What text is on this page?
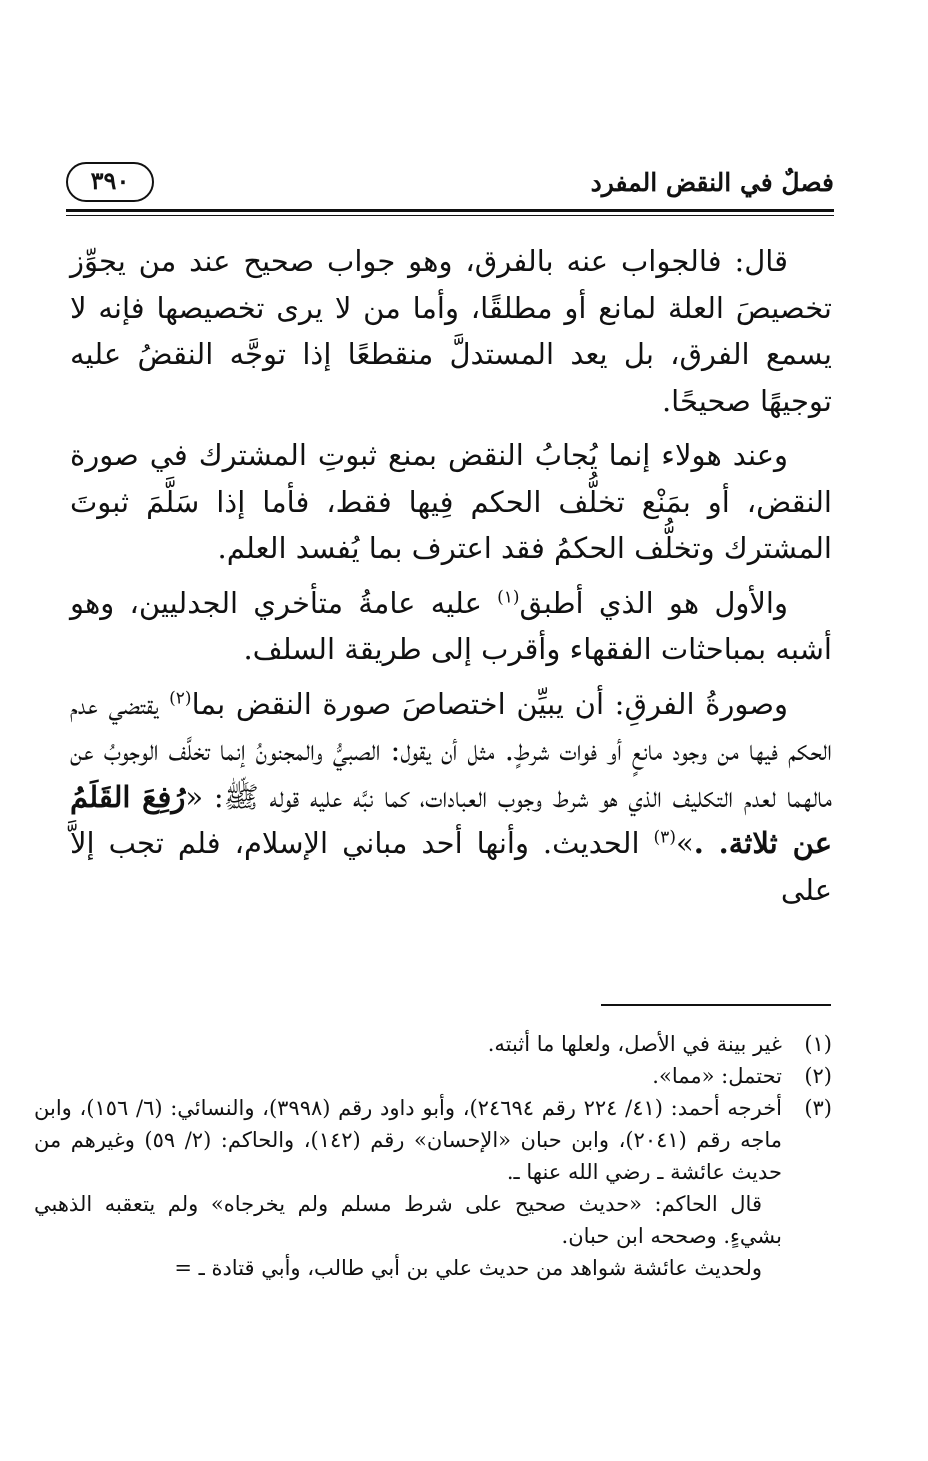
فصلٌ في النقض المفرد
٣٩٠

قال: فالجواب عنه بالفرق، وهو جواب صحيح عند من يجوِّز تخصيصَ العلة لمانع أو مطلقًا، وأما من لا يرى تخصيصها فإنه لا يسمع الفرق، بل يعد المستدلَّ منقطعًا إذا توجَّه النقضُ عليه توجيهًا صحيحًا.

وعند هولاء إنما يُجابُ النقض بمنع ثبوتِ المشترك في صورة النقض، أو بمَنْع تخلُّف الحكم فِيها فقط، فأما إذا سَلَّمَ ثبوتَ المشترك وتخلُّف الحكمُ فقد اعترف بما يُفسد العلم.

والأول هو الذي أطبق$^{(١)}$ عليه عامةُ متأخري الجدليين، وهو أشبه بمباحثات الفقهاء وأقرب إلى طريقة السلف.

وصورةُ الفرقِ: أن يبيِّن اختصاصَ صورة النقض بما$^{(٢)}$ يقتضي عدم الحكم فيها من وجود مانعٍ أو فوات شرطٍ. مثل أن يقول: الصبيُّ والمجنونُ إنما تخلَّف الوجوبُ عن مالهما لعدم التكليف الذي هو شرط وجوب العبادات، كما نبَّه عليه قوله ﷺ: «رُفِعَ القَلَمُ عن ثلاثة. .»$^{(٣)}$ الحديث. وأنها أحد مباني الإسلام، فلم تجب إلاَّ على

(١)

غير بينة في الأصل، ولعلها ما أثبته.

(٢)

تحتمل: «مما».

(٣)

أخرجه أحمد: (٤١/ ٢٢٤ رقم ٢٤٦٩٤)، وأبو داود رقم (٣٩٩٨)، والنسائي: (٦/ ١٥٦)، وابن ماجه رقم (٢٠٤١)، وابن حبان «الإحسان» رقم (١٤٢)، والحاكم: (٢/ ٥٩) وغيرهم من حديث عائشة ـ رضي الله عنها ـ.

قال الحاكم: «حديث صحيح على شرط مسلم ولم يخرجاه» ولم يتعقبه الذهبي بشيءٍ. وصححه ابن حبان.

ولحديث عائشة شواهد من حديث علي بن أبي طالب، وأبي قتادة ـ =
